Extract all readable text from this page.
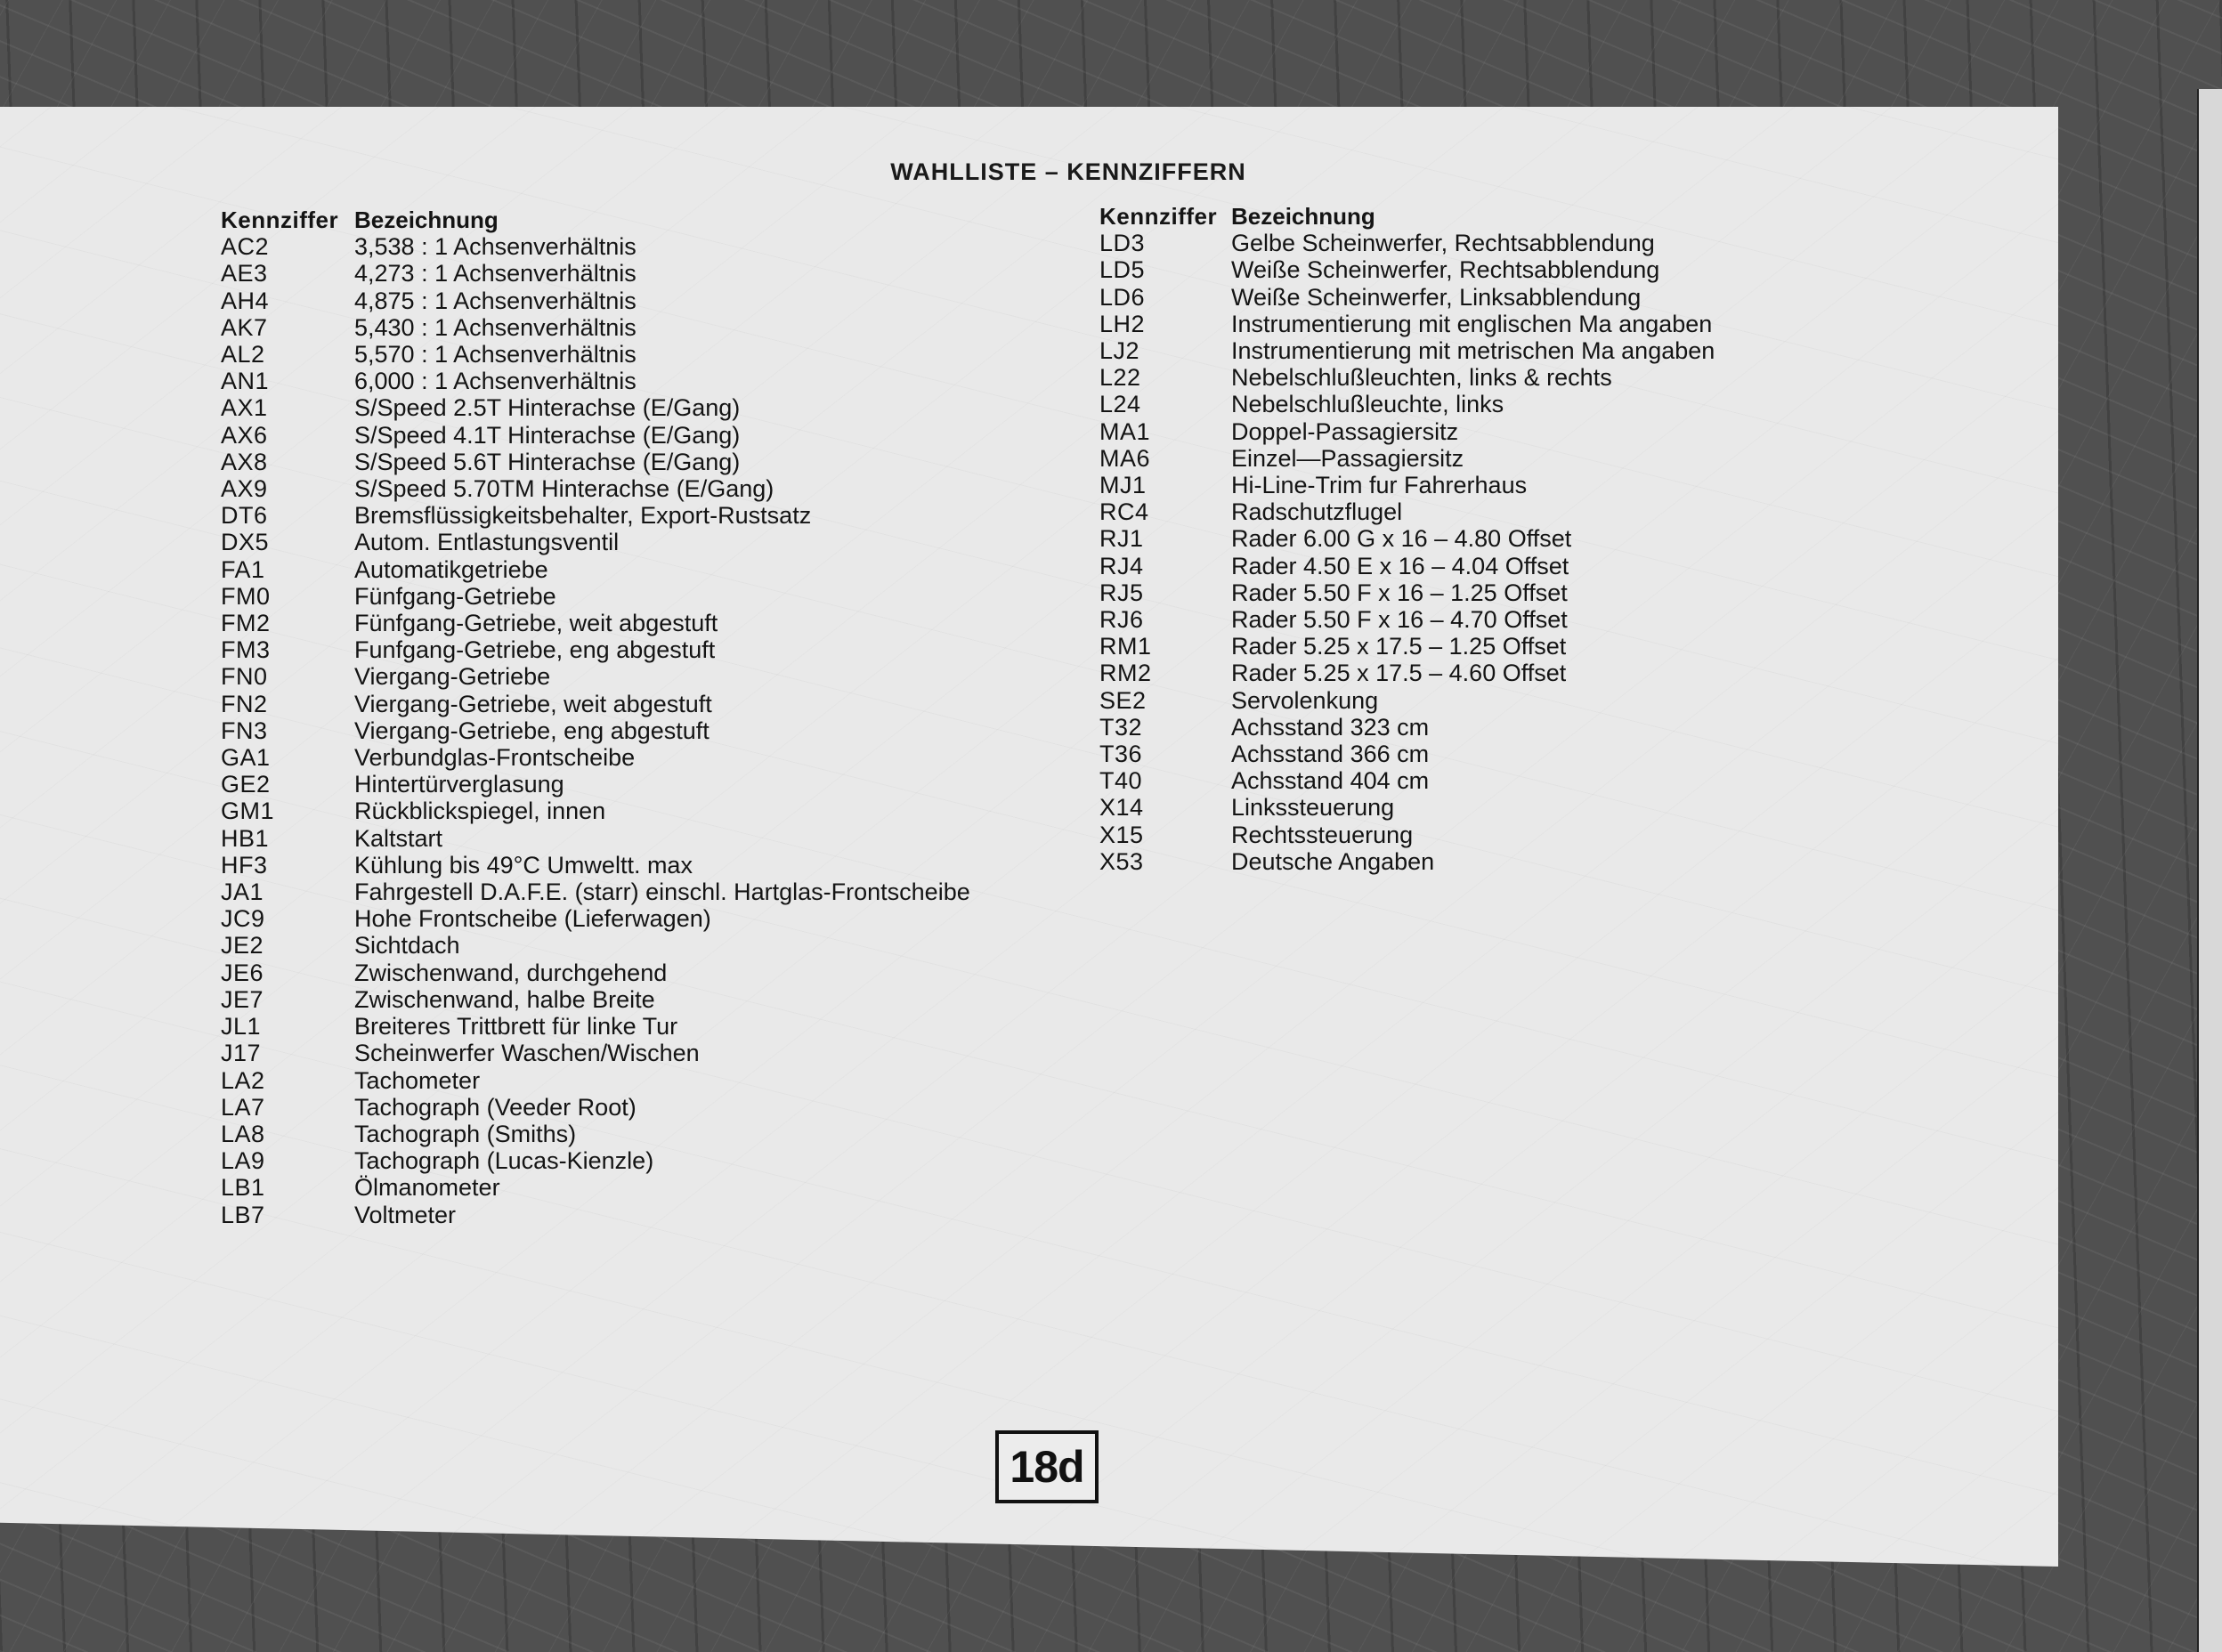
WAHLLISTE – KENNZIFFERN
Kennziffer Bezeichnung
AC2	3,538 : 1 Achsenverhältnis
AE3	4,273 : 1 Achsenverhältnis
AH4	4,875 : 1 Achsenverhältnis
AK7	5,430 : 1 Achsenverhältnis
AL2	5,570 : 1 Achsenverhältnis
AN1	6,000 : 1 Achsenverhältnis
AX1	S/Speed 2.5T Hinterachse (E/Gang)
AX6	S/Speed 4.1T Hinterachse (E/Gang)
AX8	S/Speed 5.6T Hinterachse (E/Gang)
AX9	S/Speed 5.70TM Hinterachse (E/Gang)
DT6	Bremsflüssigkeitsbehalter, Export-Rustsatz
DX5	Autom. Entlastungsventil
FA1	Automatikgetriebe
FM0	Fünfgang-Getriebe
FM2	Fünfgang-Getriebe, weit abgestuft
FM3	Funfgang-Getriebe, eng abgestuft
FN0	Viergang-Getriebe
FN2	Viergang-Getriebe, weit abgestuft
FN3	Viergang-Getriebe, eng abgestuft
GA1	Verbundglas-Frontscheibe
GE2	Hintertürverglasung
GM1	Rückblickspiegel, innen
HB1	Kaltstart
HF3	Kühlung bis 49°C Umweltt. max
JA1	Fahrgestell D.A.F.E. (starr) einschl. Hartglas-Frontscheibe
JC9	Hohe Frontscheibe (Lieferwagen)
JE2	Sichtdach
JE6	Zwischenwand, durchgehend
JE7	Zwischenwand, halbe Breite
JL1	Breiteres Trittbrett für linke Tur
J17	Scheinwerfer Waschen/Wischen
LA2	Tachometer
LA7	Tachograph (Veeder Root)
LA8	Tachograph (Smiths)
LA9	Tachograph (Lucas-Kienzle)
LB1	Ölmanometer
LB7	Voltmeter
Kennziffer Bezeichnung
LD3	Gelbe Scheinwerfer, Rechtsabblendung
LD5	Weiße Scheinwerfer, Rechtsabblendung
LD6	Weiße Scheinwerfer, Linksabblendung
LH2	Instrumentierung mit englischen Ma angaben
LJ2	Instrumentierung mit metrischen Ma angaben
L22	Nebelschlußleuchten, links & rechts
L24	Nebelschlußleuchte, links
MA1	Doppel-Passagiersitz
MA6	Einzel—Passagiersitz
MJ1	Hi-Line-Trim fur Fahrerhaus
RC4	Radschutzflugel
RJ1	Rader 6.00 G x 16 – 4.80 Offset
RJ4	Rader 4.50 E x 16 – 4.04 Offset
RJ5	Rader 5.50 F x 16 – 1.25 Offset
RJ6	Rader 5.50 F x 16 – 4.70 Offset
RM1	Rader 5.25 x 17.5 – 1.25 Offset
RM2	Rader 5.25 x 17.5 – 4.60 Offset
SE2	Servolenkung
T32	Achsstand 323 cm
T36	Achsstand 366 cm
T40	Achsstand 404 cm
X14	Linkssteuerung
X15	Rechtssteuerung
X53	Deutsche Angaben
18d
